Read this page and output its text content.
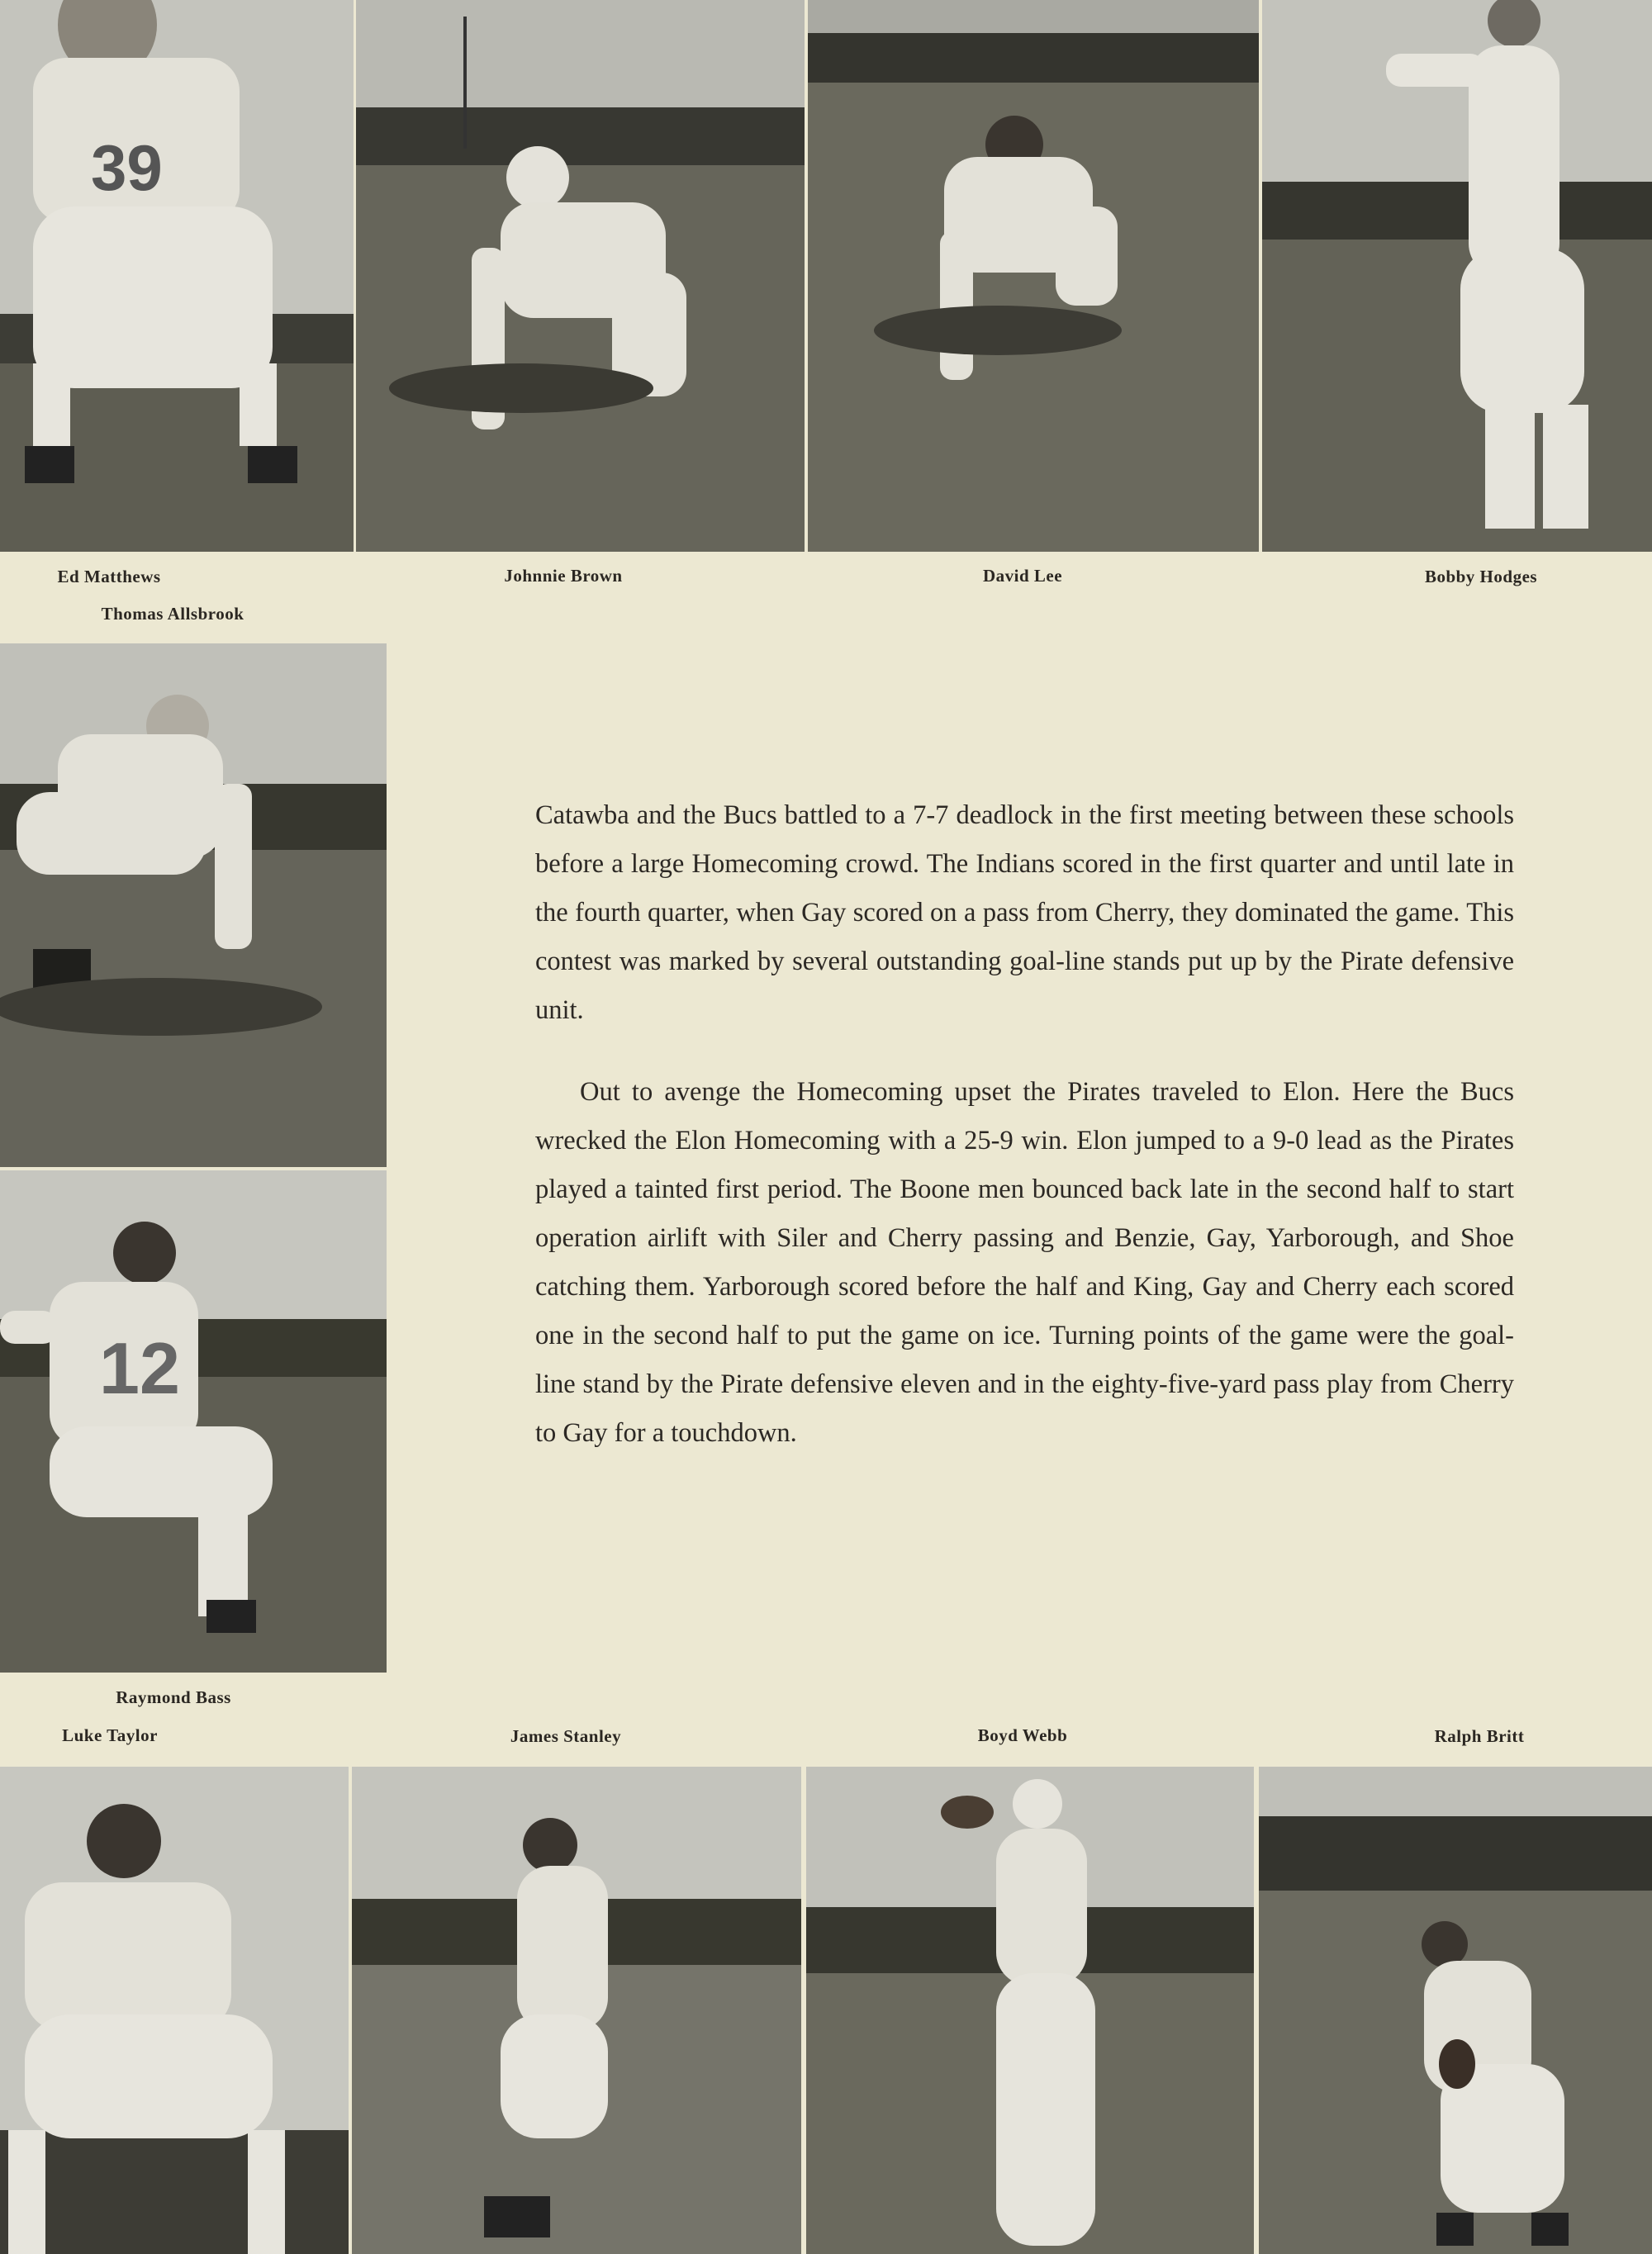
39
Ed Matthews	Johnnie Brown	David Lee	Bobby Hodges
Thomas Allsbrook
12
Raymond Bass

Catawba and the Bucs battled to a 7-7 deadlock in the first meeting between these schools before a large Homecoming crowd. The Indians scored in the first quarter and until late in the fourth quarter, when Gay scored on a pass from Cherry, they dominated the game. This contest was marked by several outstanding goal-line stands put up by the Pirate defensive unit.

Out to avenge the Homecoming upset the Pirates traveled to Elon. Here the Bucs wrecked the Elon Homecoming with a 25-9 win. Elon jumped to a 9-0 lead as the Pirates played a tainted first period. The Boone men bounced back late in the second half to start operation airlift with Siler and Cherry passing and Benzie, Gay, Yarborough, and Shoe catching them. Yarborough scored before the half and King, Gay and Cherry each scored one in the second half to put the game on ice. Turning points of the game were the goal-line stand by the Pirate defensive eleven and in the eighty-five-yard pass play from Cherry to Gay for a touchdown.

Luke Taylor	James Stanley	Boyd Webb	Ralph Britt
